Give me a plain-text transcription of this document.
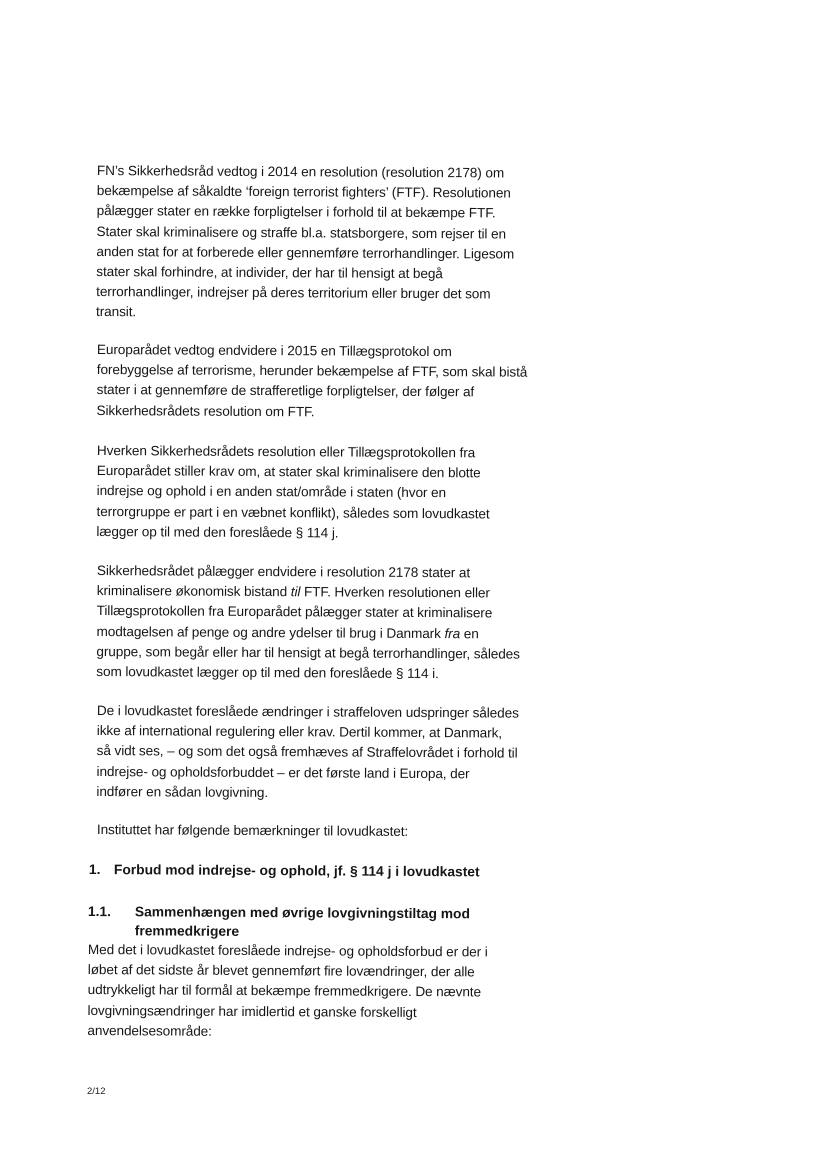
FN’s Sikkerhedsråd vedtog i 2014 en resolution (resolution 2178) om
bekæmpelse af såkaldte ‘foreign terrorist fighters’ (FTF). Resolutionen
pålægger stater en række forpligtelser i forhold til at bekæmpe FTF.
Stater skal kriminalisere og straffe bl.a. statsborgere, som rejser til en
anden stat for at forberede eller gennemføre terrorhandlinger. Ligesom
stater skal forhindre, at individer, der har til hensigt at begå
terrorhandlinger, indrejser på deres territorium eller bruger det som
transit.
Europarådet vedtog endvidere i 2015 en Tillægsprotokol om
forebyggelse af terrorisme, herunder bekæmpelse af FTF, som skal bistå
stater i at gennemføre de strafferetlige forpligtelser, der følger af
Sikkerhedsrådets resolution om FTF.
Hverken Sikkerhedsrådets resolution eller Tillægsprotokollen fra
Europarådet stiller krav om, at stater skal kriminalisere den blotte
indrejse og ophold i en anden stat/område i staten (hvor en
terrorgruppe er part i en væbnet konflikt), således som lovudkastet
lægger op til med den foreslåede § 114 j.
Sikkerhedsrådet pålægger endvidere i resolution 2178 stater at
kriminalisere økonomisk bistand til FTF. Hverken resolutionen eller
Tillægsprotokollen fra Europarådet pålægger stater at kriminalisere
modtagelsen af penge og andre ydelser til brug i Danmark fra en
gruppe, som begår eller har til hensigt at begå terrorhandlinger, således
som lovudkastet lægger op til med den foreslåede § 114 i.
De i lovudkastet foreslåede ændringer i straffeloven udspringer således
ikke af international regulering eller krav. Dertil kommer, at Danmark,
så vidt ses, – og som det også fremhæves af Straffelovrådet i forhold til
indrejse- og opholdsforbuddet – er det første land i Europa, der
indfører en sådan lovgivning.
Instituttet har følgende bemærkninger til lovudkastet:
1. Forbud mod indrejse- og ophold, jf. § 114 j i lovudkastet
1.1. Sammenhængen med øvrige lovgivningstiltag mod
fremmedkrigere
Med det i lovudkastet foreslåede indrejse- og opholdsforbud er der i
løbet af det sidste år blevet gennemført fire lovændringer, der alle
udtrykkeligt har til formål at bekæmpe fremmedkrigere. De nævnte
lovgivningsændringer har imidlertid et ganske forskelligt
anvendelsesområde:
2/12
